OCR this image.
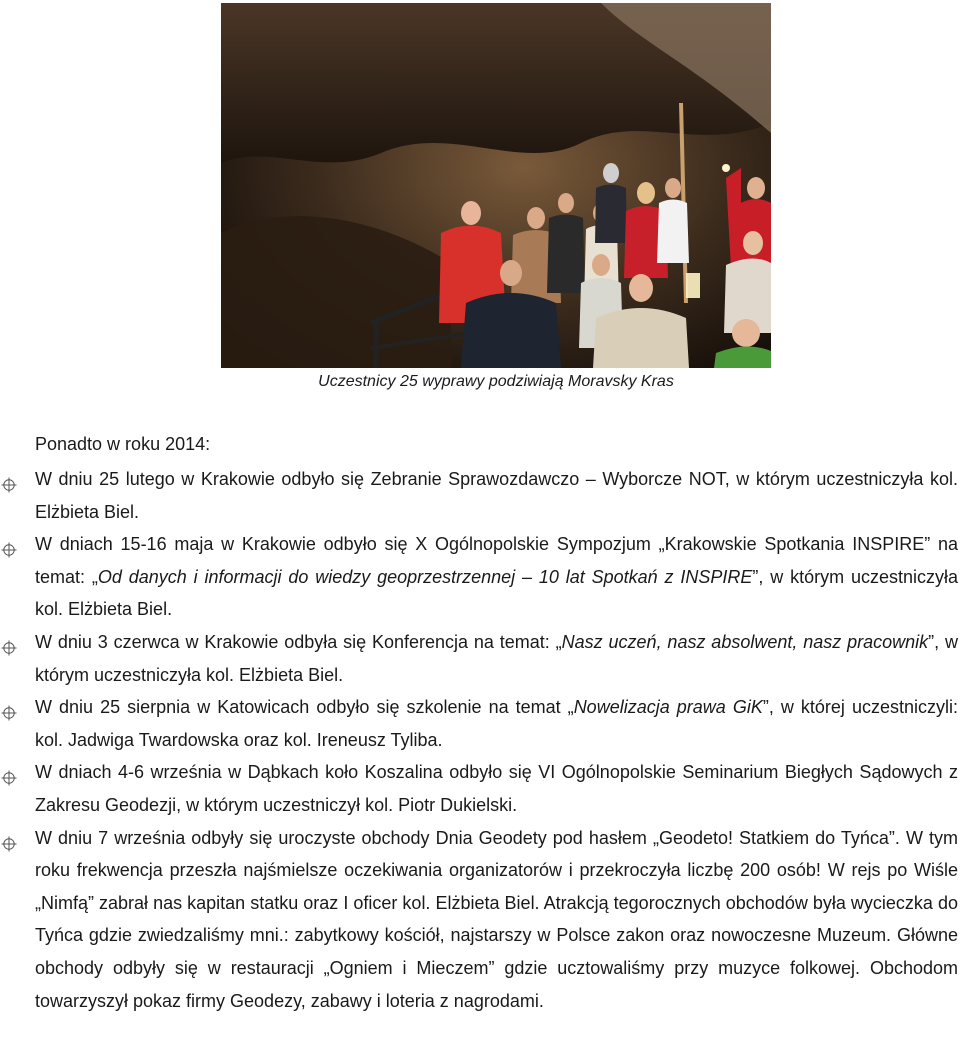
Uczestnicy 25 wyprawy podziwiają Moravsky Kras
Ponadto w roku 2014:
W dniu 25 lutego w Krakowie odbyło się Zebranie Sprawozdawczo – Wyborcze NOT, w którym uczestniczyła kol. Elżbieta Biel.
W dniach 15-16 maja w Krakowie odbyło się X Ogólnopolskie Sympozjum „Krakowskie Spotkania INSPIRE” na temat: „Od danych i informacji do wiedzy geoprzestrzennej – 10 lat Spotkań z INSPIRE”, w którym uczestniczyła kol. Elżbieta Biel.
W dniu 3 czerwca w Krakowie odbyła się Konferencja na temat: „Nasz uczeń, nasz absolwent, nasz pracownik”, w którym uczestniczyła kol. Elżbieta Biel.
W dniu 25 sierpnia w Katowicach odbyło się szkolenie na temat „Nowelizacja prawa GiK”, w której uczestniczyli: kol. Jadwiga Twardowska oraz kol. Ireneusz Tyliba.
W dniach 4-6 września w Dąbkach koło Koszalina odbyło się VI Ogólnopolskie Seminarium Biegłych Sądowych z Zakresu Geodezji, w którym uczestniczył kol. Piotr Dukielski.
W dniu 7 września odbyły się uroczyste obchody Dnia Geodety pod hasłem „Geodeto! Statkiem do Tyńca”. W tym roku frekwencja przeszła najśmielsze oczekiwania organizatorów i przekroczyła liczbę 200 osób! W rejs po Wiśle „Nimfą” zabrał nas kapitan statku oraz I oficer kol. Elżbieta Biel. Atrakcją tegorocznych obchodów była wycieczka do Tyńca gdzie zwiedzaliśmy mni.: zabytkowy kościół, najstarszy w Polsce zakon oraz nowoczesne Muzeum. Główne obchody odbyły się w restauracji „Ogniem i Mieczem” gdzie ucztowaliśmy przy muzyce folkowej. Obchodom towarzyszył pokaz firmy Geodezy, zabawy i loteria z nagrodami.
